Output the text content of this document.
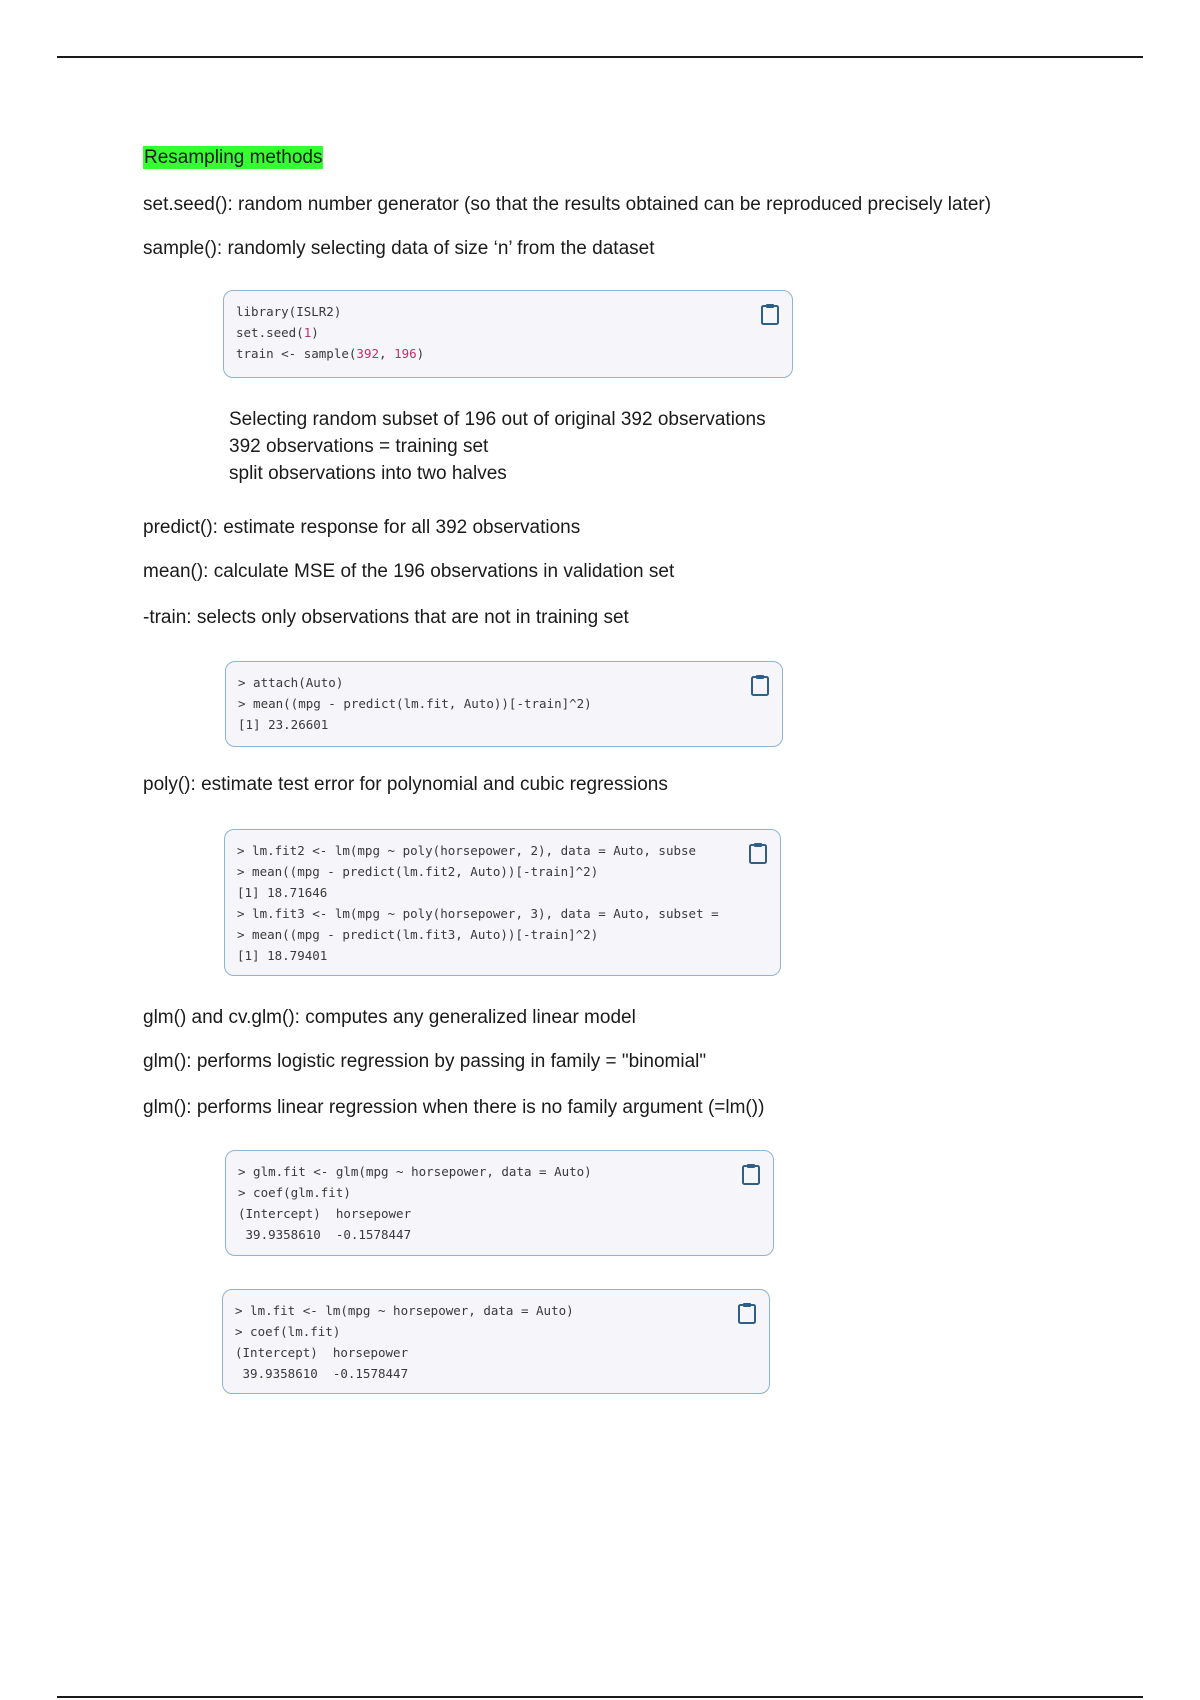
Resampling methods
set.seed(): random number generator (so that the results obtained can be reproduced precisely later)
sample(): randomly selecting data of size ‘n’ from the dataset
library(ISLR2)
set.seed(1)
train <- sample(392, 196)
Selecting random subset of 196 out of original 392 observations
392 observations = training set
split observations into two halves
predict(): estimate response for all 392 observations
mean(): calculate MSE of the 196 observations in validation set
-train: selects only observations that are not in training set
> attach(Auto)
> mean((mpg - predict(lm.fit, Auto))[-train]^2)
[1] 23.26601
poly(): estimate test error for polynomial and cubic regressions
> lm.fit2 <- lm(mpg ~ poly(horsepower, 2), data = Auto, subse
> mean((mpg - predict(lm.fit2, Auto))[-train]^2)
[1] 18.71646
> lm.fit3 <- lm(mpg ~ poly(horsepower, 3), data = Auto, subset =
> mean((mpg - predict(lm.fit3, Auto))[-train]^2)
[1] 18.79401
glm() and cv.glm(): computes any generalized linear model
glm(): performs logistic regression by passing in family = "binomial"
glm(): performs linear regression when there is no family argument (=lm())
> glm.fit <- glm(mpg ~ horsepower, data = Auto)
> coef(glm.fit)
(Intercept)  horsepower
39.9358610  -0.1578447
> lm.fit <- lm(mpg ~ horsepower, data = Auto)
> coef(lm.fit)
(Intercept)  horsepower
39.9358610  -0.1578447
